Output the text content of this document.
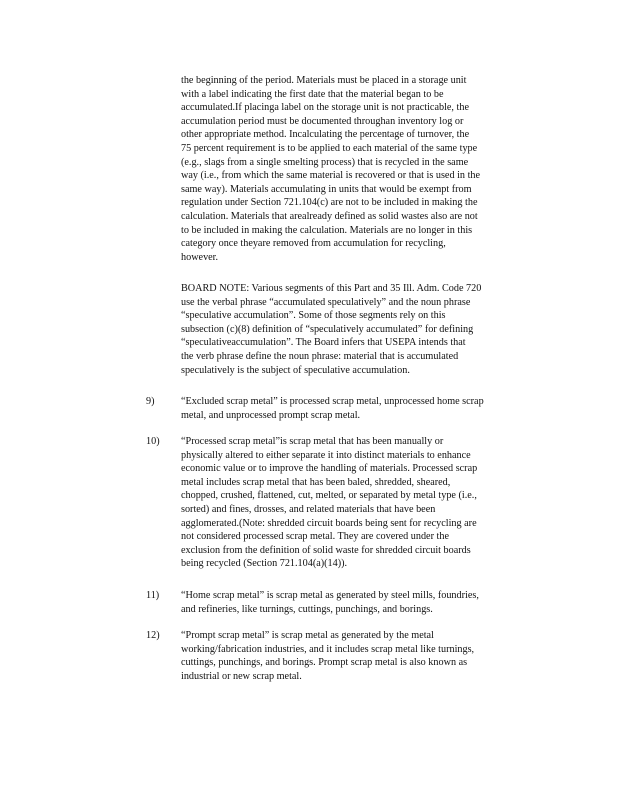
the beginning of the period. Materials must be placed in a storage unit
with a label indicating the first date that the material began to be
accumulated.If placinga label on the storage unit is not practicable, the
accumulation period must be documented throughan inventory log or
other appropriate method. Incalculating the percentage of turnover, the
75 percent requirement is to be applied to each material of the same type
(e.g., slags from a single smelting process) that is recycled in the same
way (i.e., from which the same material is recovered or that is used in the
same way). Materials accumulating in units that would be exempt from
regulation under Section 721.104(c) are not to be included in making the
calculation. Materials that arealready defined as solid wastes also are not
to be included in making the calculation. Materials are no longer in this
category once theyare removed from accumulation for recycling,
however.
BOARD NOTE: Various segments of this Part and 35 Ill. Adm. Code 720
use the verbal phrase “accumulated speculatively” and the noun phrase
“speculative accumulation”. Some of those segments rely on this
subsection (c)(8) definition of “speculatively accumulated” for defining
“speculativeaccumulation”. The Board infers that USEPA intends that
the verb phrase define the noun phrase: material that is accumulated
speculatively is the subject of speculative accumulation.
9)	“Excluded scrap metal” is processed scrap metal, unprocessed home scrap
metal, and unprocessed prompt scrap metal.
10) “Processed scrap metal”is scrap metal that has been manually or
physically altered to either separate it into distinct materials to enhance
economic value or to improve the handling of materials. Processed scrap
metal includes scrap metal that has been baled, shredded, sheared,
chopped, crushed, flattened, cut, melted, or separated by metal type (i.e.,
sorted) and fines, drosses, and related materials that have been
agglomerated.(Note: shredded circuit boards being sent for recycling are
not considered processed scrap metal. They are covered under the
exclusion from the definition of solid waste for shredded circuit boards
being recycled (Section 721.104(a)(14)).
11) “Home scrap metal” is scrap metal as generated by steel mills, foundries,
and refineries, like turnings, cuttings, punchings, and borings.
12) “Prompt scrap metal” is scrap metal as generated by the metal
working/fabrication industries, and it includes scrap metal like turnings,
cuttings, punchings, and borings. Prompt scrap metal is also known as
industrial or new scrap metal.
